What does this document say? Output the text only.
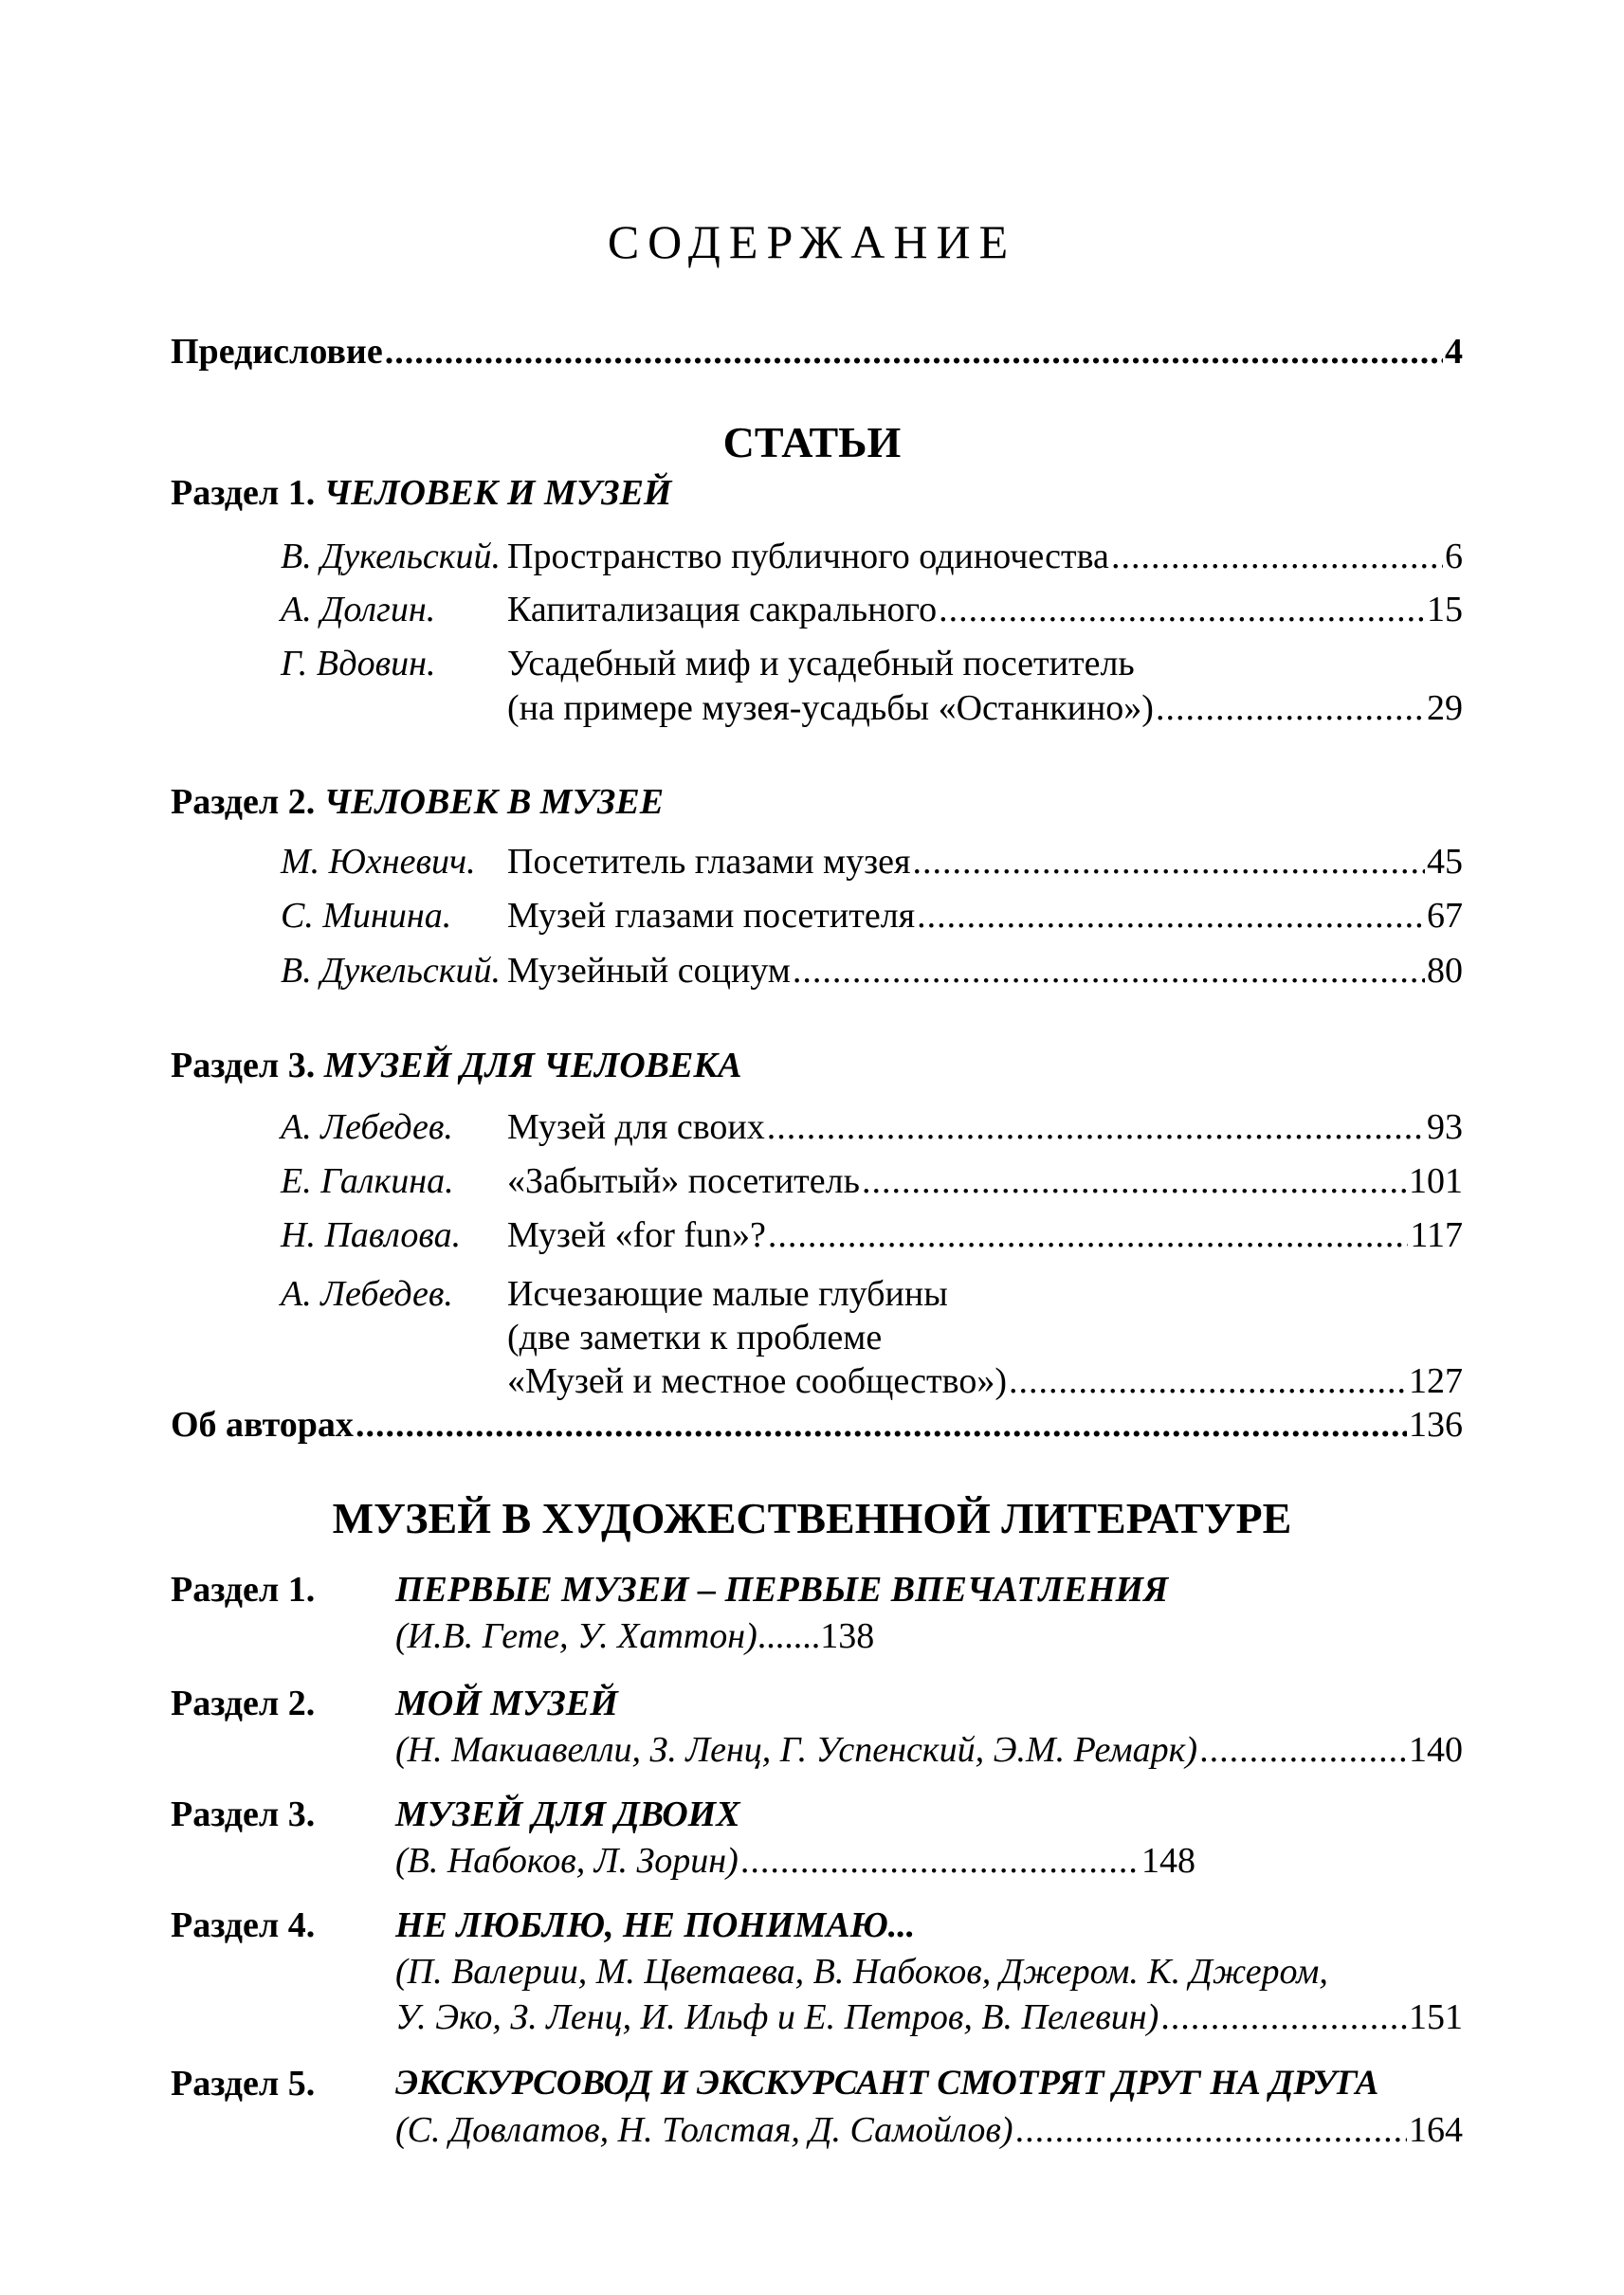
СОДЕРЖАНИЕ
Предисловие .....	4
СТАТЬИ
Раздел 1. ЧЕЛОВЕК И МУЗЕЙ
В. Дукельский. Пространство публичного одиночества .....	6
А. Долгин. Капитализация сакрального .....	15
Г. Вдовин. Усадебный миф и усадебный посетитель
(на примере музея-усадьбы «Останкино») .....	29
Раздел 2. ЧЕЛОВЕК В МУЗЕЕ
М. Юхневич. Посетитель глазами музея .....	45
С. Минина. Музей глазами посетителя .....	67
В. Дукельский. Музейный социум .....	80
Раздел 3. МУЗЕЙ ДЛЯ ЧЕЛОВЕКА
А. Лебедев. Музей для своих .....	93
Е. Галкина. «Забытый» посетитель .....	101
Н. Павлова. Музей «for fun»? .....	117
А. Лебедев. Исчезающие малые глубины
(две заметки к проблеме
«Музей и местное сообщество») .....	127
Об авторах .....	136
МУЗЕЙ В ХУДОЖЕСТВЕННОЙ ЛИТЕРАТУРЕ
Раздел 1. ПЕРВЫЕ МУЗЕИ – ПЕРВЫЕ ВПЕЧАТЛЕНИЯ
(И.В. Гете, У. Хаттон).......138
Раздел 2. МОЙ МУЗЕЙ
(Н. Макиавелли, З. Ленц, Г. Успенский, Э.М. Ремарк) .....	140
Раздел 3. МУЗЕЙ ДЛЯ ДВОИХ
(В. Набоков, Л. Зорин) .....	148
Раздел 4. НЕ ЛЮБЛЮ, НЕ ПОНИМАЮ...
(П. Валерии, М. Цветаева, В. Набоков, Джером. К. Джером,
У. Эко, З. Ленц, И. Ильф и Е. Петров, В. Пелевин) .....	151
Раздел 5. ЭКСКУРСОВОД И ЭКСКУРСАНТ СМОТРЯТ ДРУГ НА ДРУГА
(С. Довлатов, Н. Толстая, Д. Самойлов) .....	164
